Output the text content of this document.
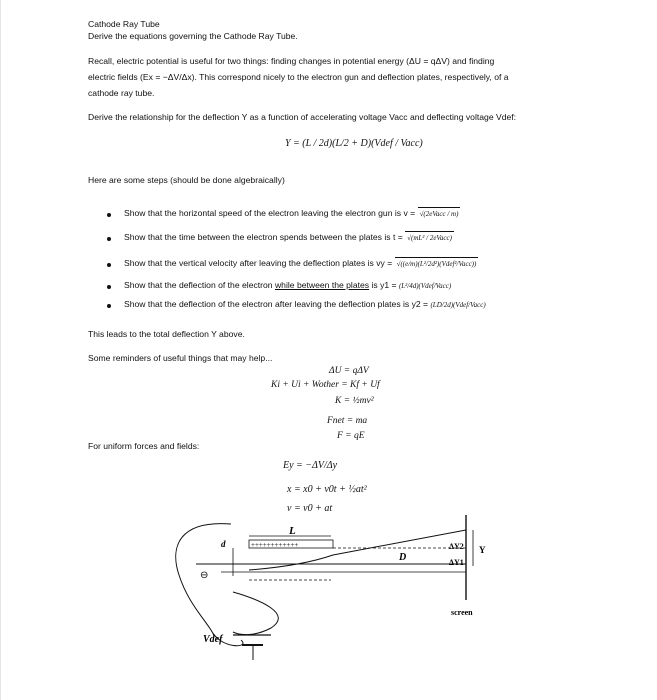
Cathode Ray Tube
Derive the equations governing the Cathode Ray Tube.
Recall, electric potential is useful for two things: finding changes in potential energy (ΔU = qΔV) and finding
electric fields (Ex = −ΔV/Δx). This correspond nicely to the electron gun and deflection plates, respectively, of a
cathode ray tube.
Derive the relationship for the deflection Y as a function of accelerating voltage Vacc and deflecting voltage Vdef:
Y = (L / 2d)(L/2 + D)(Vdef / Vacc)
Here are some steps (should be done algebraically)
Show that the horizontal speed of the electron leaving the electron gun is v = √(2eVacc / m)
Show that the time between the electron spends between the plates is t = √(mL² / 2eVacc)
Show that the vertical velocity after leaving the deflection plates is vy = √((e/m)(L²/2d²)(Vdef²/Vacc))
Show that the deflection of the electron while between the plates is y1 = (L²/4d)(Vdef/Vacc)
Show that the deflection of the electron after leaving the deflection plates is y2 = (LD/2d)(Vdef/Vacc)
This leads to the total deflection Y above.
Some reminders of useful things that may help...
ΔU = qΔV
Ki + Ui + Wother = Kf + Uf
K = ½mv²
Fnet = ma
F = qE
For uniform forces and fields:
Ey = −ΔV/Δy
x = x0 + v0t + ½at²
v = v0 + at
L
++++++++++++
d
D
⊖
ΔY2
ΔY1
Y
screen
Vdef
